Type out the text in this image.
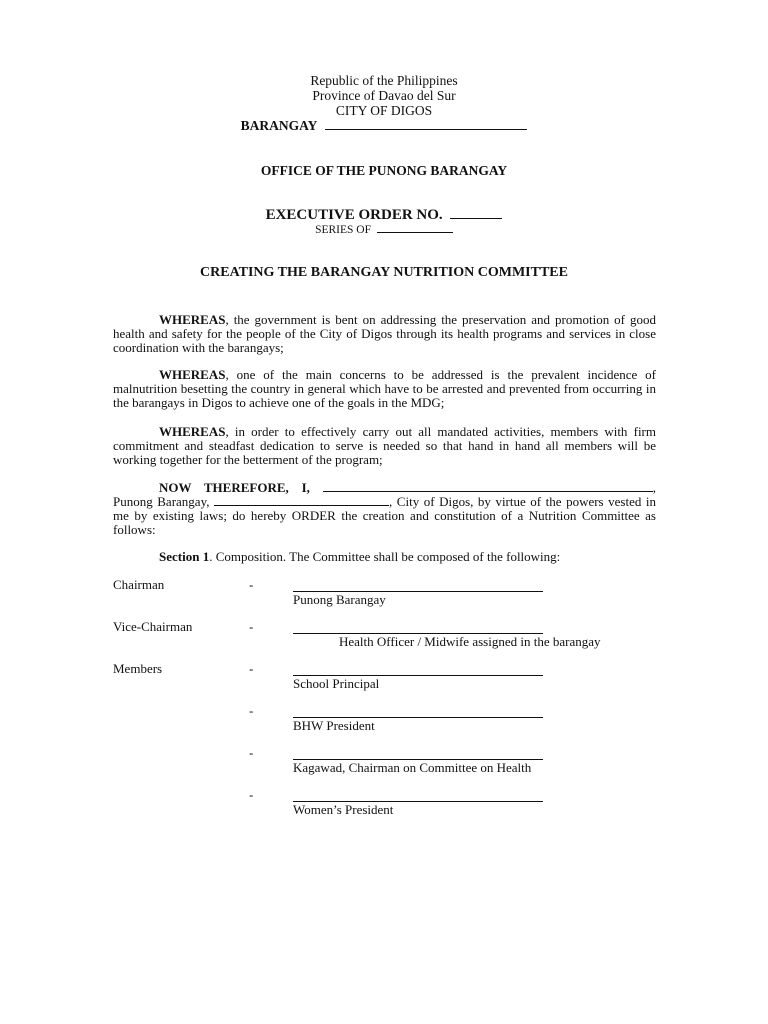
Republic of the Philippines
Province of Davao del Sur
CITY OF DIGOS
BARANGAY
OFFICE OF THE PUNONG BARANGAY
EXECUTIVE ORDER NO.
SERIES OF
CREATING THE BARANGAY NUTRITION COMMITTEE
WHEREAS, the government is bent on addressing the preservation and promotion of good health and safety for the people of the City of Digos through its health programs and services in close coordination with the barangays;
WHEREAS, one of the main concerns to be addressed is the prevalent incidence of malnutrition besetting the country in general which have to be arrested and prevented from occurring in the barangays in Digos to achieve one of the goals in the MDG;
WHEREAS, in order to effectively carry out all mandated activities, members with firm commitment and steadfast dedication to serve is needed so that hand in hand all members will be working together for the betterment of the program;
NOW THEREFORE, I,	, Punong Barangay,	, City of Digos, by virtue of the powers vested in me by existing laws; do hereby ORDER the creation and constitution of a Nutrition Committee as follows:
Section 1. Composition. The Committee shall be composed of the following:
Chairman	-
Punong Barangay
Vice-Chairman	-
Health Officer / Midwife assigned in the barangay
Members	-
School Principal
-
BHW President
-
Kagawad, Chairman on Committee on Health
-
Women’s President
